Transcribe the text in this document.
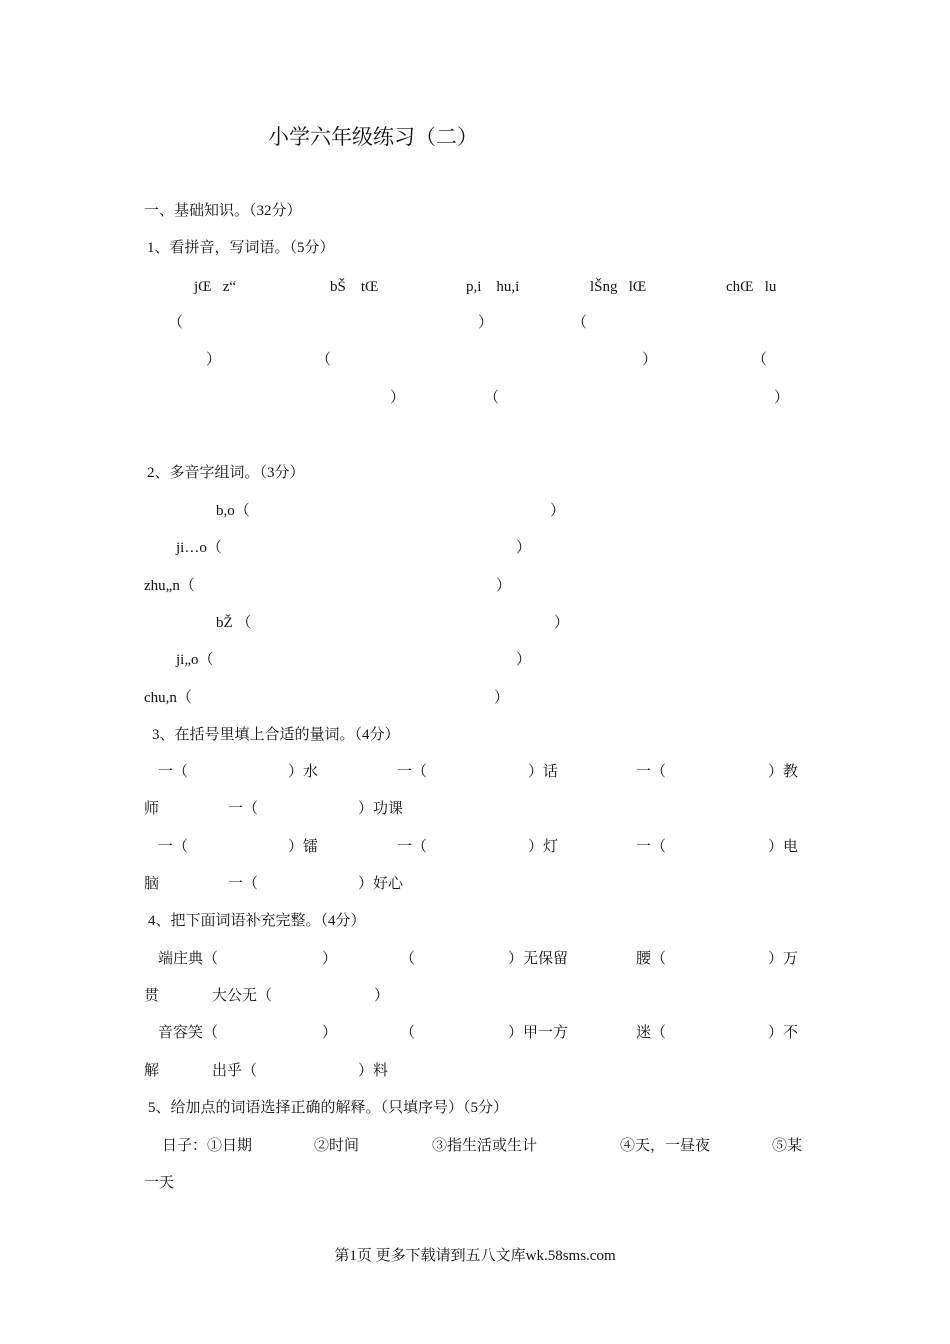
小学六年级练习（二）
一、基础知识。（32分）
1、看拼音，写词语。（5分）
jŒ   z“	bŠ    tŒ	p,i    hu,i	lŠng   lŒ	chŒ   lu
（	）	（
）	（	）	（
）	（	）
2、多音字组词。（3分）
b,o（	）
ji…o（	）
zhu„n（	）
bŽ （	）
ji„o（	）
chu,n（	）
3、在括号里填上合适的量词。（4分）
一（	）水	一（	）话	一（	）教
师	一（	）功课
一（	）镭	一（	）灯	一（	）电
脑	一（	）好心
4、把下面词语补充完整。（4分）
端庄典（	）	（	）无保留	腰（	）万
贯	大公无（	）
音容笑（	）	（	）甲一方	迷（	）不
解	出乎（	）料
5、给加点的词语选择正确的解释。（只填序号）（5分）
日子：①日期	②时间	③指生活或生计	④天，一昼夜	⑤某
一天
第1页 更多下载请到五八文库wk.58sms.com
